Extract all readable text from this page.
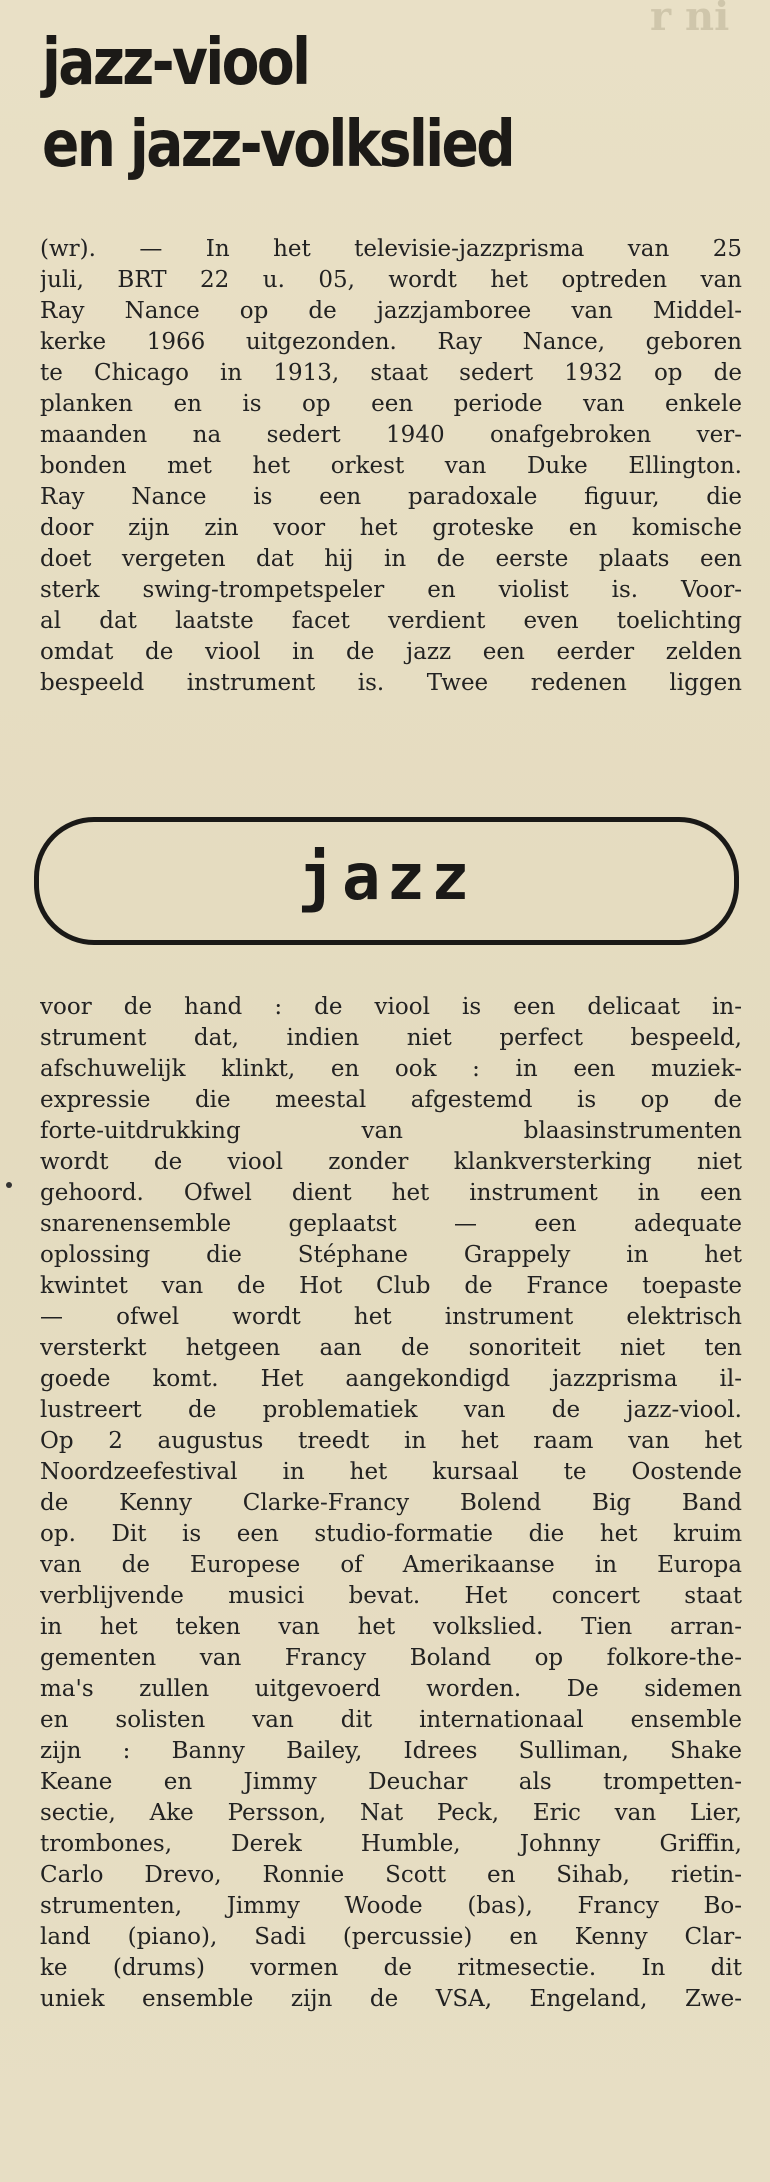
r ni
jazz-viool
en jazz-volkslied
(wr). — In het televisie-jazzprisma van 25
juli, BRT 22 u. 05, wordt het optreden van
Ray Nance op de jazzjamboree van Middel-
kerke 1966 uitgezonden. Ray Nance, geboren
te Chicago in 1913, staat sedert 1932 op de
planken en is op een periode van enkele
maanden na sedert 1940 onafgebroken ver-
bonden met het orkest van Duke Ellington.
Ray Nance is een paradoxale figuur, die
door zijn zin voor het groteske en komische
doet vergeten dat hij in de eerste plaats een
sterk swing-trompetspeler en violist is. Voor-
al dat laatste facet verdient even toelichting
omdat de viool in de jazz een eerder zelden
bespeeld instrument is. Twee redenen liggen
jazz
voor de hand : de viool is een delicaat in-
strument dat, indien niet perfect bespeeld,
afschuwelijk klinkt, en ook : in een muziek-
expressie die meestal afgestemd is op de
forte-uitdrukking van blaasinstrumenten
wordt de viool zonder klankversterking niet
gehoord. Ofwel dient het instrument in een
snarenensemble geplaatst — een adequate
oplossing die Stéphane Grappely in het
kwintet van de Hot Club de France toepaste
— ofwel wordt het instrument elektrisch
versterkt hetgeen aan de sonoriteit niet ten
goede komt. Het aangekondigd jazzprisma il-
lustreert de problematiek van de jazz-viool.
Op 2 augustus treedt in het raam van het
Noordzeefestival in het kursaal te Oostende
de Kenny Clarke-Francy Bolend Big Band
op. Dit is een studio-formatie die het kruim
van de Europese of Amerikaanse in Europa
verblijvende musici bevat. Het concert staat
in het teken van het volkslied. Tien arran-
gementen van Francy Boland op folkore-the-
ma's zullen uitgevoerd worden. De sidemen
en solisten van dit internationaal ensemble
zijn : Banny Bailey, Idrees Sulliman, Shake
Keane en Jimmy Deuchar als trompetten-
sectie, Ake Persson, Nat Peck, Eric van Lier,
trombones, Derek Humble, Johnny Griffin,
Carlo Drevo, Ronnie Scott en Sihab, rietin-
strumenten, Jimmy Woode (bas), Francy Bo-
land (piano), Sadi (percussie) en Kenny Clar-
ke (drums) vormen de ritmesectie. In dit
uniek ensemble zijn de VSA, Engeland, Zwe-
